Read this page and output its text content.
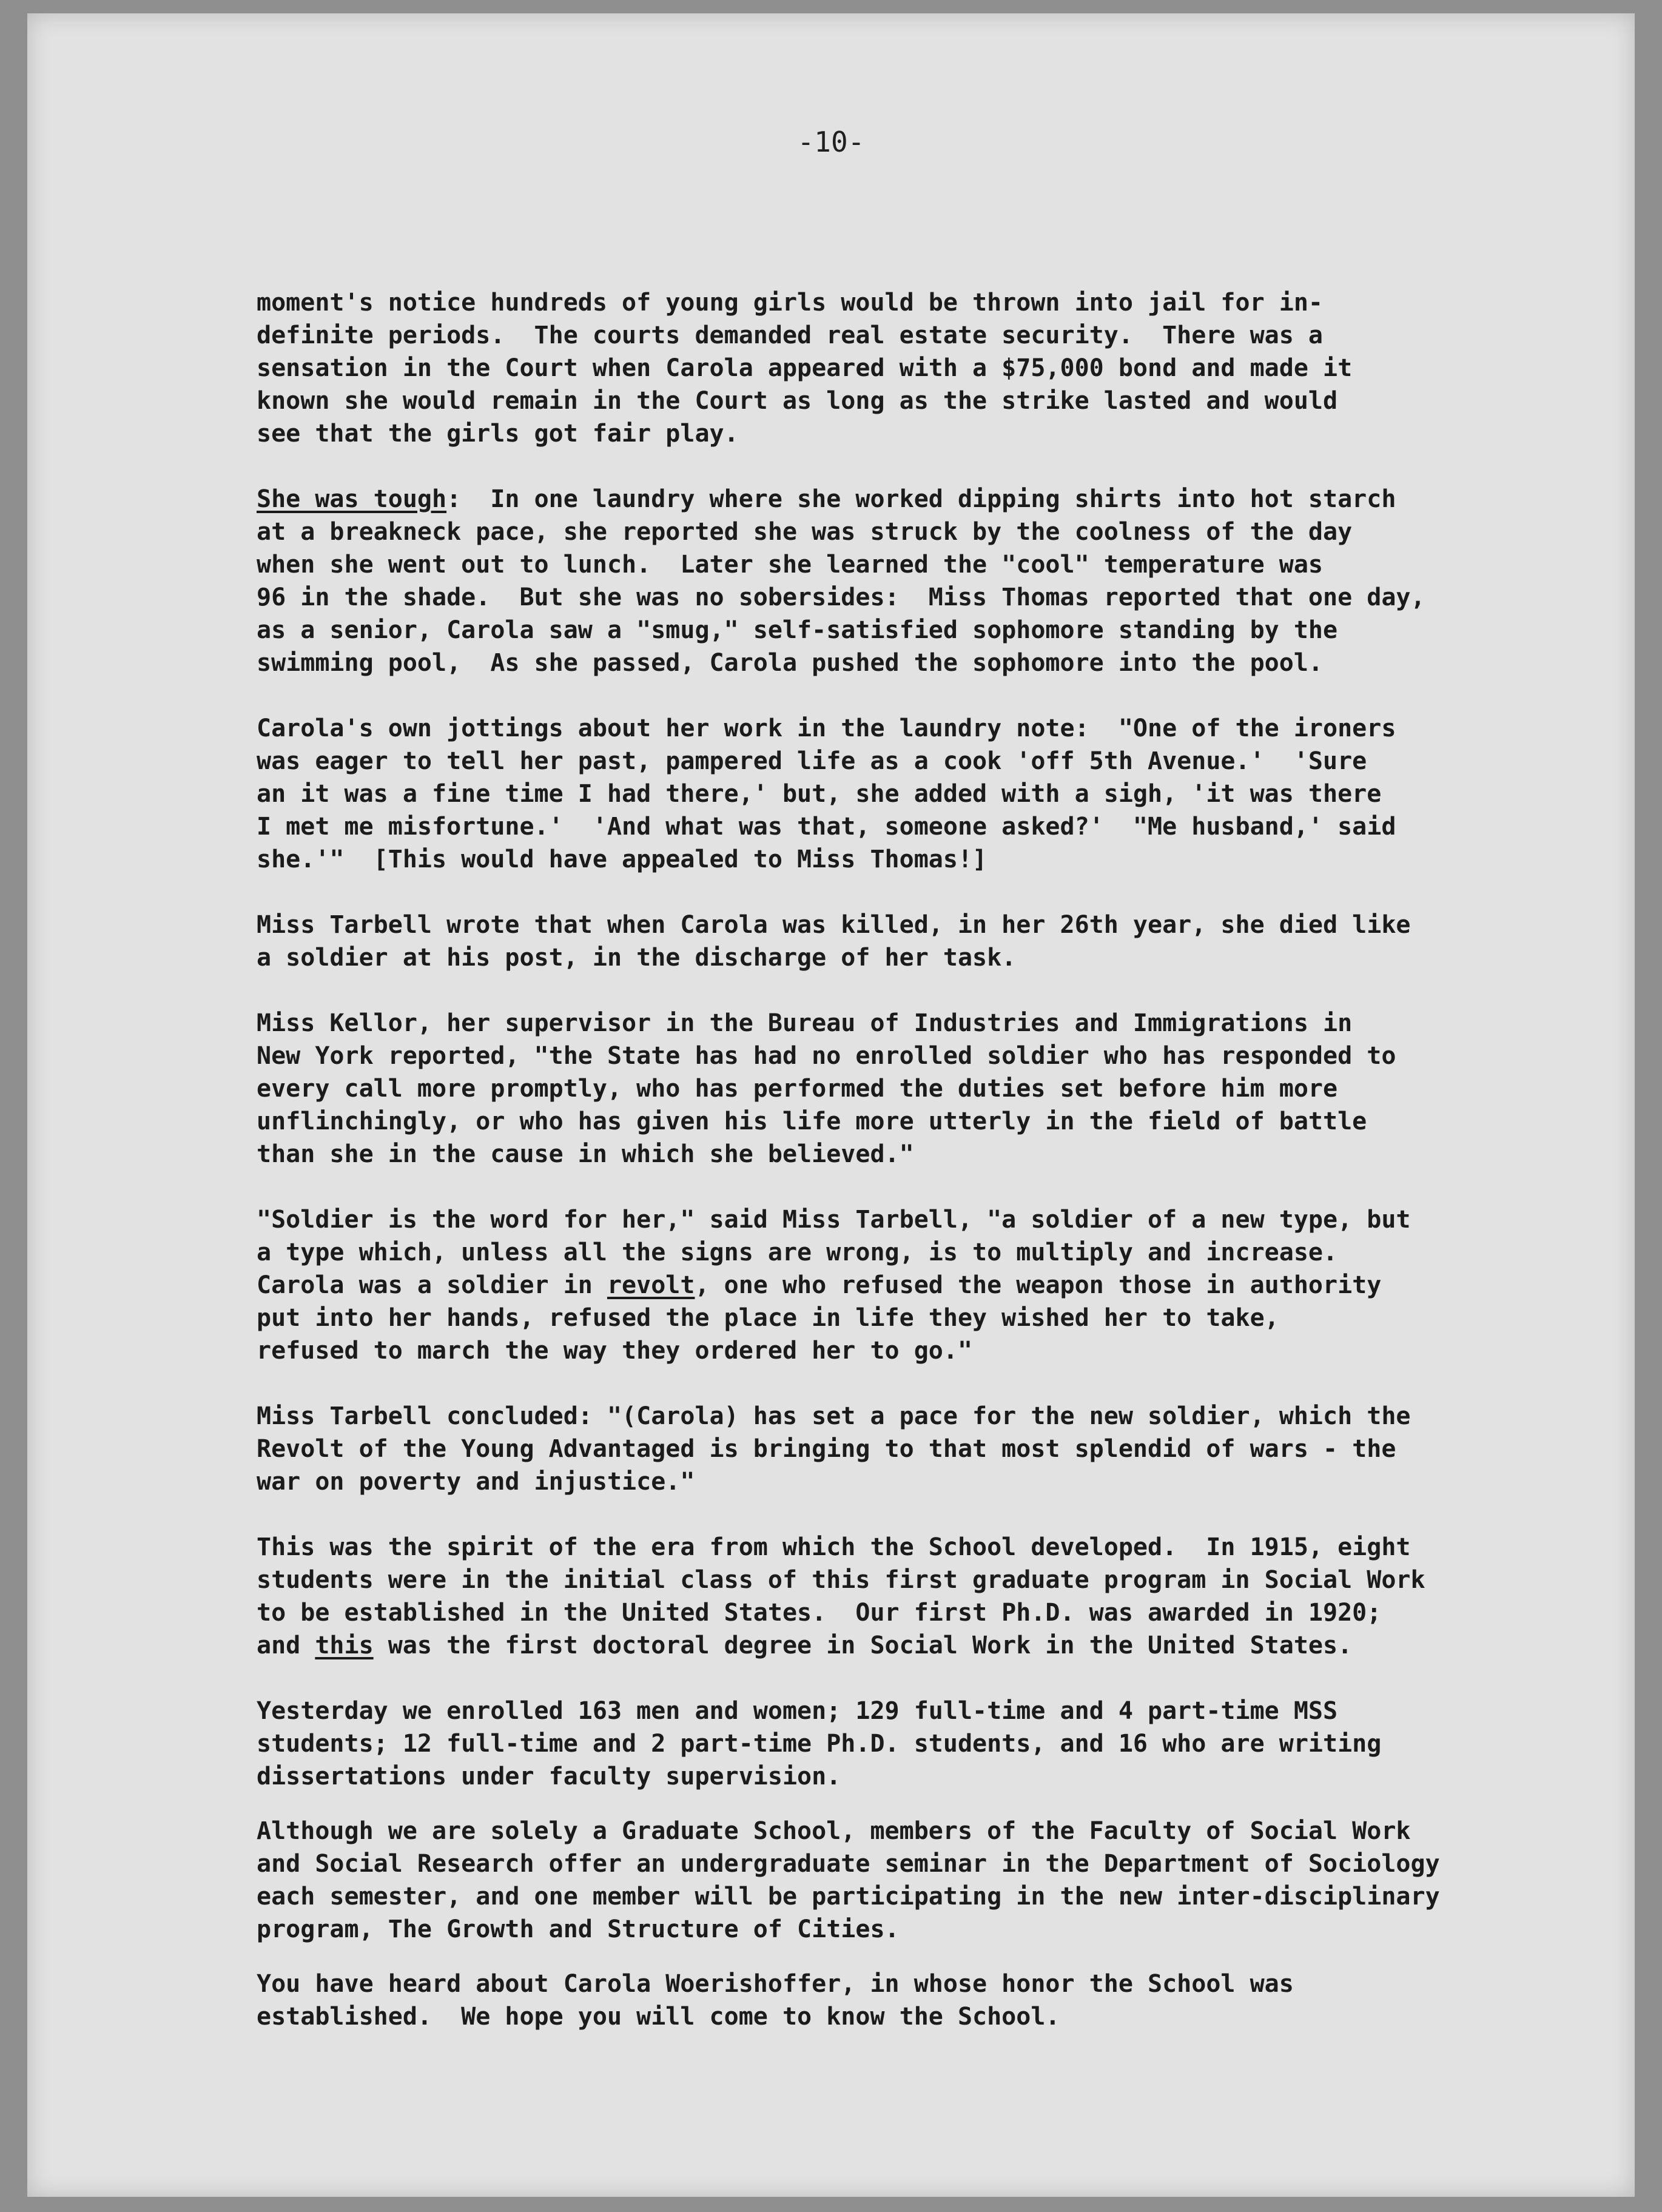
-10-
moment's notice hundreds of young girls would be thrown into jail for in-
definite periods.  The courts demanded real estate security.  There was a
sensation in the Court when Carola appeared with a $75,000 bond and made it
known she would remain in the Court as long as the strike lasted and would
see that the girls got fair play.
She was tough:  In one laundry where she worked dipping shirts into hot starch
at a breakneck pace, she reported she was struck by the coolness of the day
when she went out to lunch.  Later she learned the "cool" temperature was
96 in the shade.  But she was no sobersides:  Miss Thomas reported that one day,
as a senior, Carola saw a "smug," self-satisfied sophomore standing by the
swimming pool,  As she passed, Carola pushed the sophomore into the pool.
Carola's own jottings about her work in the laundry note:  "One of the ironers
was eager to tell her past, pampered life as a cook 'off 5th Avenue.'  'Sure
an it was a fine time I had there,' but, she added with a sigh, 'it was there
I met me misfortune.'  'And what was that, someone asked?'  "Me husband,' said
she.'"  [This would have appealed to Miss Thomas!]
Miss Tarbell wrote that when Carola was killed, in her 26th year, she died like
a soldier at his post, in the discharge of her task.
Miss Kellor, her supervisor in the Bureau of Industries and Immigrations in
New York reported, "the State has had no enrolled soldier who has responded to
every call more promptly, who has performed the duties set before him more
unflinchingly, or who has given his life more utterly in the field of battle
than she in the cause in which she believed."
"Soldier is the word for her," said Miss Tarbell, "a soldier of a new type, but
a type which, unless all the signs are wrong, is to multiply and increase.
Carola was a soldier in revolt, one who refused the weapon those in authority
put into her hands, refused the place in life they wished her to take,
refused to march the way they ordered her to go."
Miss Tarbell concluded: "(Carola) has set a pace for the new soldier, which the
Revolt of the Young Advantaged is bringing to that most splendid of wars - the
war on poverty and injustice."
This was the spirit of the era from which the School developed.  In 1915, eight
students were in the initial class of this first graduate program in Social Work
to be established in the United States.  Our first Ph.D. was awarded in 1920;
and this was the first doctoral degree in Social Work in the United States.
Yesterday we enrolled 163 men and women; 129 full-time and 4 part-time MSS
students; 12 full-time and 2 part-time Ph.D. students, and 16 who are writing
dissertations under faculty supervision.
Although we are solely a Graduate School, members of the Faculty of Social Work
and Social Research offer an undergraduate seminar in the Department of Sociology
each semester, and one member will be participating in the new inter-disciplinary
program, The Growth and Structure of Cities.
You have heard about Carola Woerishoffer, in whose honor the School was
established.  We hope you will come to know the School.
